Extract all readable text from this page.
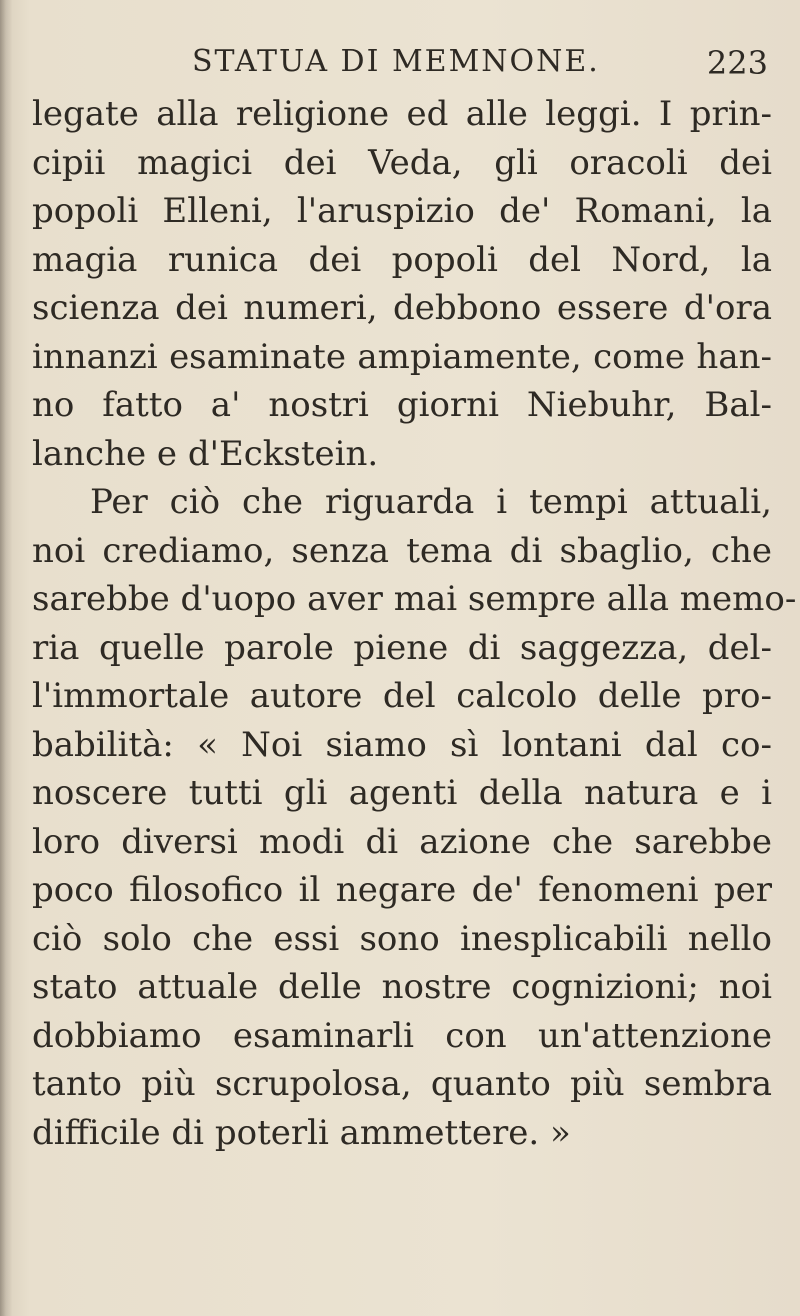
STATUA DI MEMNONE.	223
legate alla religione ed alle leggi. I prin-
cipii magici dei Veda, gli oracoli dei
popoli Elleni, l'aruspizio de' Romani, la
magia runica dei popoli del Nord, la
scienza dei numeri, debbono essere d'ora
innanzi esaminate ampiamente, come han-
no fatto a' nostri giorni Niebuhr, Bal-
lanche e d'Eckstein.
Per ciò che riguarda i tempi attuali,
noi crediamo, senza tema di sbaglio, che
sarebbe d'uopo aver mai sempre alla memo-
ria quelle parole piene di saggezza, del-
l'immortale autore del calcolo delle pro-
babilità: « Noi siamo sì lontani dal co-
noscere tutti gli agenti della natura e i
loro diversi modi di azione che sarebbe
poco filosofico il negare de' fenomeni per
ciò solo che essi sono inesplicabili nello
stato attuale delle nostre cognizioni; noi
dobbiamo esaminarli con un'attenzione
tanto più scrupolosa, quanto più sembra
difficile di poterli ammettere. »
